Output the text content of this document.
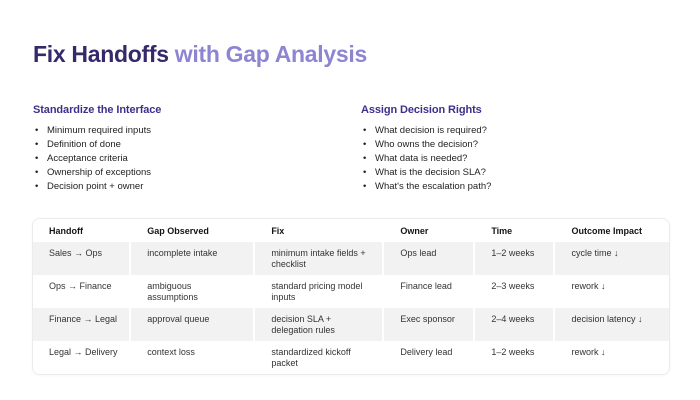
Fix Handoffs with Gap Analysis
Standardize the Interface
• Minimum required inputs
• Definition of done
• Acceptance criteria
• Ownership of exceptions
• Decision point + owner
Assign Decision Rights
• What decision is required?
• Who owns the decision?
• What data is needed?
• What is the decision SLA?
• What's the escalation path?
Handoff	Gap Observed	Fix	Owner	Time	Outcome Impact
Sales → Ops	incomplete intake	minimum intake fields + checklist	Ops lead	1–2 weeks	cycle time ↓
Ops → Finance	ambiguous assumptions	standard pricing model inputs	Finance lead	2–3 weeks	rework ↓
Finance → Legal	approval queue	decision SLA + delegation rules	Exec sponsor	2–4 weeks	decision latency ↓
Legal → Delivery	context loss	standardized kickoff packet	Delivery lead	1–2 weeks	rework ↓
